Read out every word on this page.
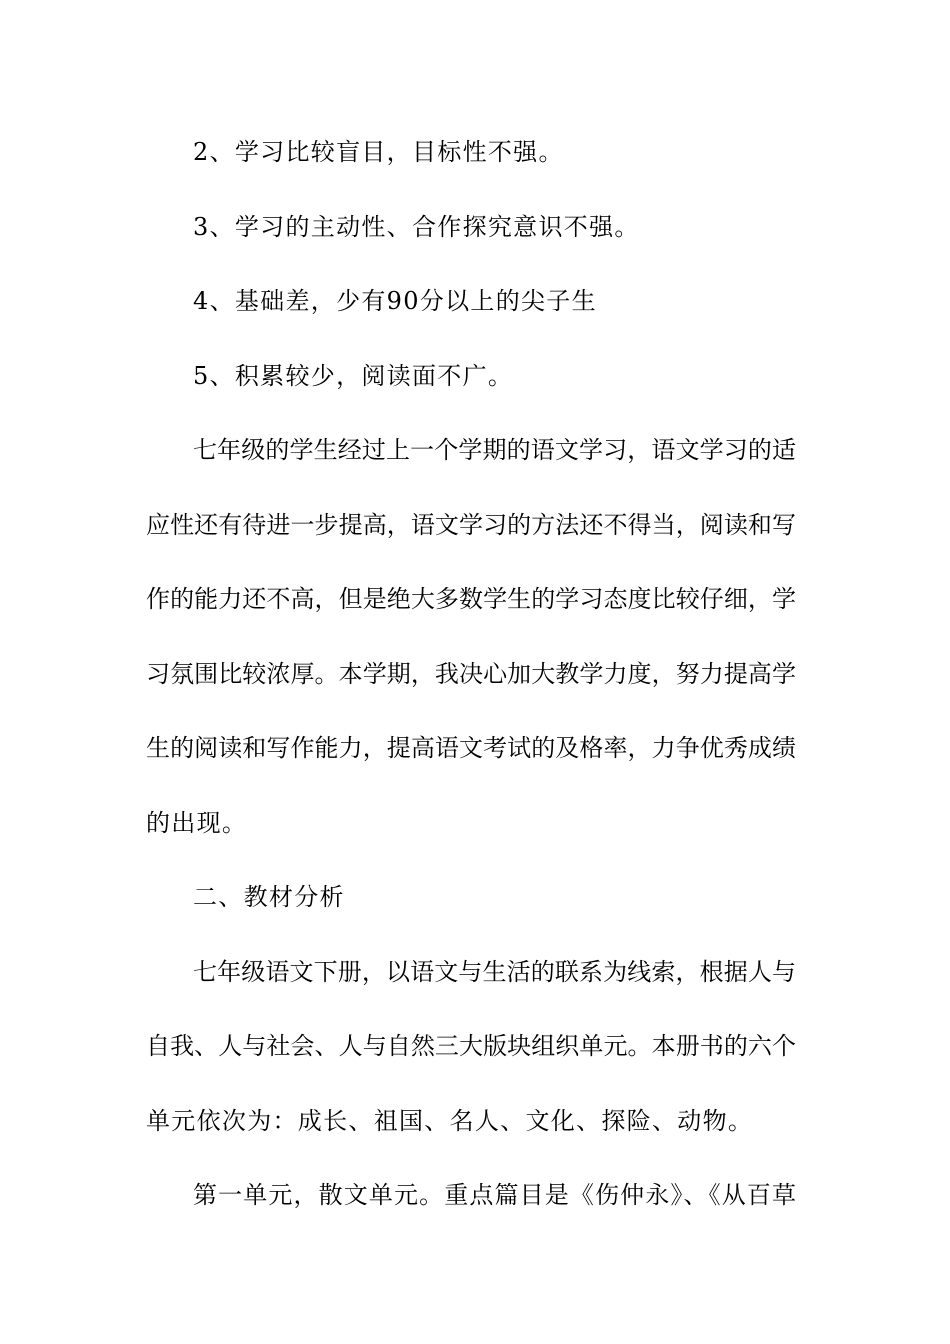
2、学习比较盲目，目标性不强。
3、学习的主动性、合作探究意识不强。
4、基础差，少有90分以上的尖子生
5、积累较少，阅读面不广。
七年级的学生经过上一个学期的语文学习，语文学习的适
应性还有待进一步提高，语文学习的方法还不得当，阅读和写
作的能力还不高，但是绝大多数学生的学习态度比较仔细，学
习氛围比较浓厚。本学期，我决心加大教学力度，努力提高学
生的阅读和写作能力，提高语文考试的及格率，力争优秀成绩
的出现。
二、教材分析
七年级语文下册，以语文与生活的联系为线索，根据人与
自我、人与社会、人与自然三大版块组织单元。本册书的六个
单元依次为：成长、祖国、名人、文化、探险、动物。
第一单元，散文单元。重点篇目是《伤仲永》、《从百草
